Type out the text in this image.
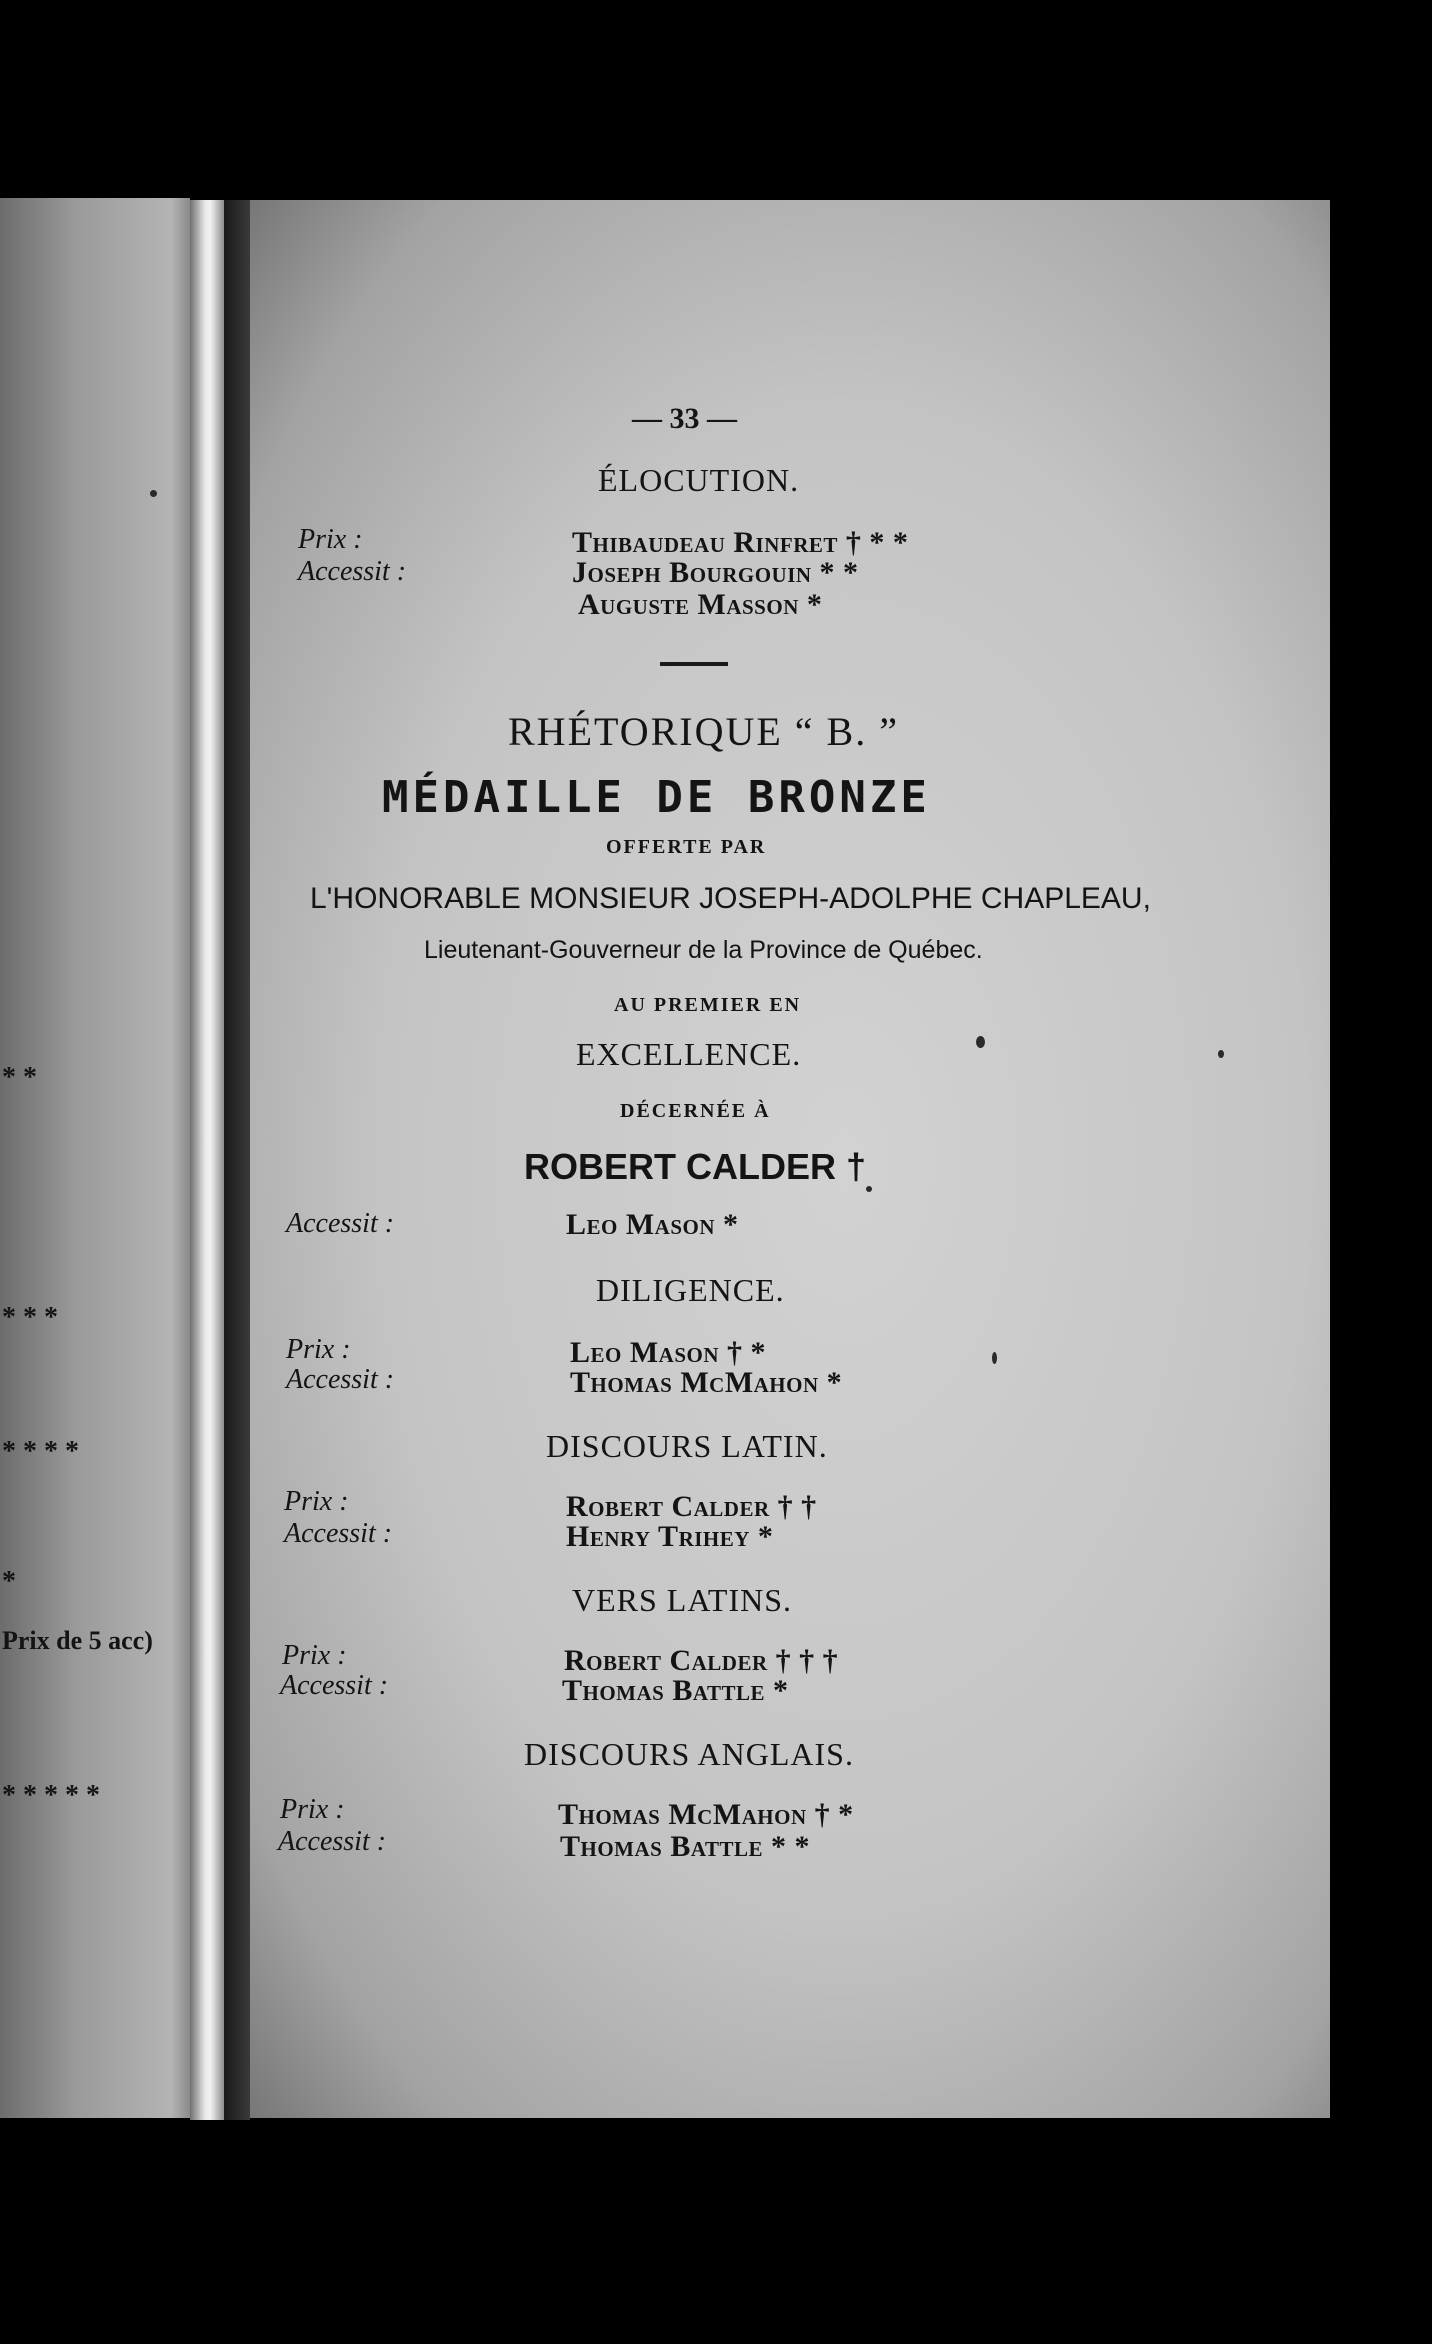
* *
* * *
* * * *
*
Prix de 5 acc)
* * * * *
— 33 —
ÉLOCUTION.
Prix :	Thibaudeau Rinfret † * *
Accessit :	Joseph Bourgouin * *
Auguste Masson *
RHÉTORIQUE “ B. ”
MÉDAILLE DE BRONZE
OFFERTE PAR
L'HONORABLE MONSIEUR JOSEPH-ADOLPHE CHAPLEAU,
Lieutenant-Gouverneur de la Province de Québec.
AU PREMIER EN
EXCELLENCE.
DÉCERNÉE À
ROBERT CALDER †
Accessit :	Leo Mason *
DILIGENCE.
Prix :	Leo Mason † *
Accessit :	Thomas McMahon *
DISCOURS LATIN.
Prix :	Robert Calder † †
Accessit :	Henry Trihey *
VERS LATINS.
Prix :	Robert Calder † † †
Accessit :	Thomas Battle *
DISCOURS ANGLAIS.
Prix :	Thomas McMahon † *
Accessit :	Thomas Battle * *
